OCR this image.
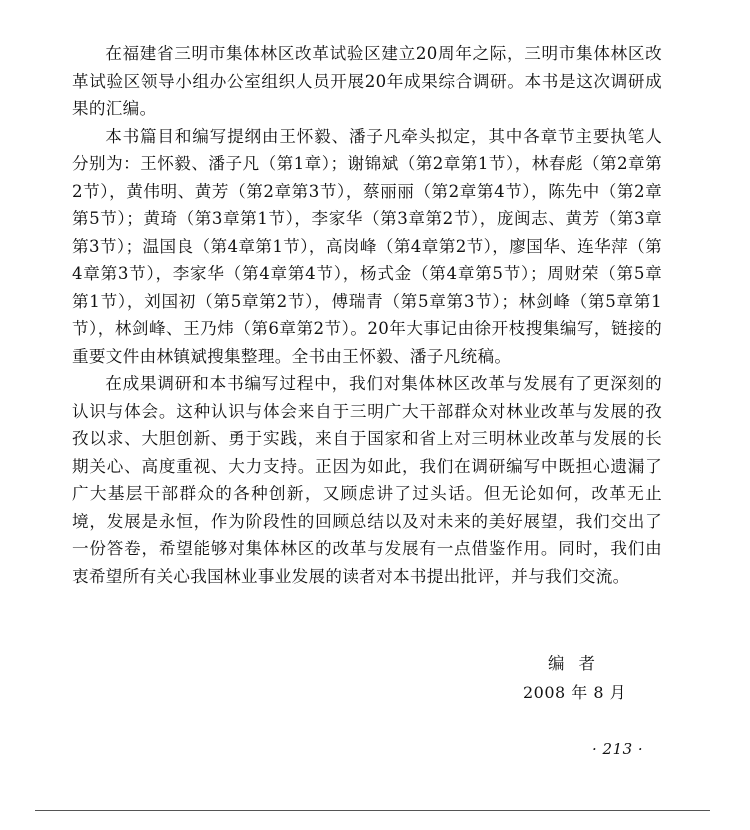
在福建省三明市集体林区改革试验区建立20周年之际，三明市集体林区改革试验区领导小组办公室组织人员开展20年成果综合调研。本书是这次调研成果的汇编。

本书篇目和编写提纲由王怀毅、潘子凡牵头拟定，其中各章节主要执笔人分别为：王怀毅、潘子凡（第1章）；谢锦斌（第2章第1节），林春彪（第2章第2节），黄伟明、黄芳（第2章第3节），蔡丽丽（第2章第4节），陈先中（第2章第5节）；黄琦（第3章第1节），李家华（第3章第2节），庞闽志、黄芳（第3章第3节）；温国良（第4章第1节），高岗峰（第4章第2节），廖国华、连华萍（第4章第3节），李家华（第4章第4节），杨式金（第4章第5节）；周财荣（第5章第1节），刘国初（第5章第2节），傅瑞青（第5章第3节）；林剑峰（第5章第1节），林剑峰、王乃炜（第6章第2节）。20年大事记由徐开枝搜集编写，链接的重要文件由林镇斌搜集整理。全书由王怀毅、潘子凡统稿。

在成果调研和本书编写过程中，我们对集体林区改革与发展有了更深刻的认识与体会。这种认识与体会来自于三明广大干部群众对林业改革与发展的孜孜以求、大胆创新、勇于实践，来自于国家和省上对三明林业改革与发展的长期关心、高度重视、大力支持。正因为如此，我们在调研编写中既担心遗漏了广大基层干部群众的各种创新，又顾虑讲了过头话。但无论如何，改革无止境，发展是永恒，作为阶段性的回顾总结以及对未来的美好展望，我们交出了一份答卷，希望能够对集体林区的改革与发展有一点借鉴作用。同时，我们由衷希望所有关心我国林业事业发展的读者对本书提出批评，并与我们交流。

编者
2008 年 8 月
· 213 ·
